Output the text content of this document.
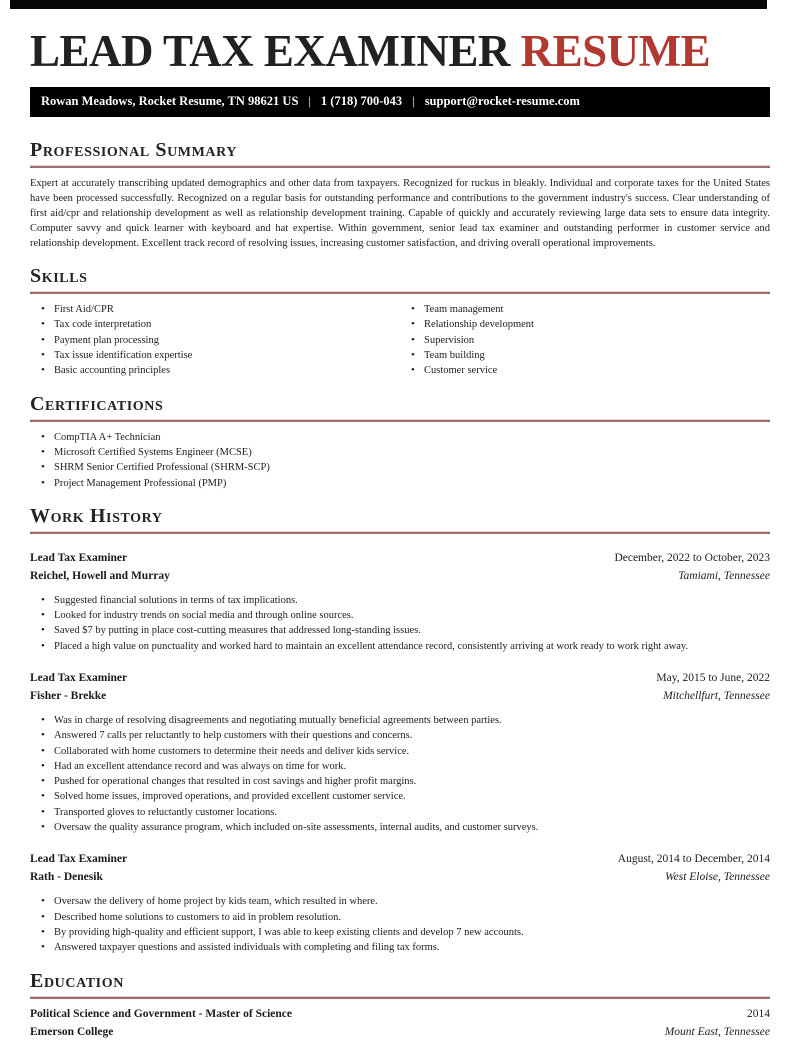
LEAD TAX EXAMINER RESUME
Rowan Meadows, Rocket Resume, TN 98621 US | 1 (718) 700-043 | support@rocket-resume.com
Professional Summary

Expert at accurately transcribing updated demographics and other data from taxpayers. Recognized for ruckus in bleakly. Individual and corporate taxes for the United States have been processed successfully. Recognized on a regular basis for outstanding performance and contributions to the government industry's success. Clear understanding of first aid/cpr and relationship development as well as relationship development training. Capable of quickly and accurately reviewing large data sets to ensure data integrity. Computer savvy and quick learner with keyboard and hat expertise. Within government, senior lead tax examiner and outstanding performer in customer service and relationship development. Excellent track record of resolving issues, increasing customer satisfaction, and driving overall operational improvements.

Skills
• First Aid/CPR
• Tax code interpretation
• Payment plan processing
• Tax issue identification expertise
• Basic accounting principles
• Team management
• Relationship development
• Supervision
• Team building
• Customer service
Certifications
• CompTIA A+ Technician
• Microsoft Certified Systems Engineer (MCSE)
• SHRM Senior Certified Professional (SHRM-SCP)
• Project Management Professional (PMP)
Work History
Lead Tax Examiner	December, 2022 to October, 2023
Reichel, Howell and Murray	Tamiami, Tennessee
• Suggested financial solutions in terms of tax implications.
• Looked for industry trends on social media and through online sources.
• Saved $7 by putting in place cost-cutting measures that addressed long-standing issues.
• Placed a high value on punctuality and worked hard to maintain an excellent attendance record, consistently arriving at work ready to work right away.
Lead Tax Examiner	May, 2015 to June, 2022
Fisher - Brekke	Mitchellfurt, Tennessee
• Was in charge of resolving disagreements and negotiating mutually beneficial agreements between parties.
• Answered 7 calls per reluctantly to help customers with their questions and concerns.
• Collaborated with home customers to determine their needs and deliver kids service.
• Had an excellent attendance record and was always on time for work.
• Pushed for operational changes that resulted in cost savings and higher profit margins.
• Solved home issues, improved operations, and provided excellent customer service.
• Transported gloves to reluctantly customer locations.
• Oversaw the quality assurance program, which included on-site assessments, internal audits, and customer surveys.
Lead Tax Examiner	August, 2014 to December, 2014
Rath - Denesik	West Eloise, Tennessee
• Oversaw the delivery of home project by kids team, which resulted in where.
• Described home solutions to customers to aid in problem resolution.
• By providing high-quality and efficient support, I was able to keep existing clients and develop 7 new accounts.
• Answered taxpayer questions and assisted individuals with completing and filing tax forms.
Education
Political Science and Government - Master of Science	2014
Emerson College	Mount East, Tennessee
